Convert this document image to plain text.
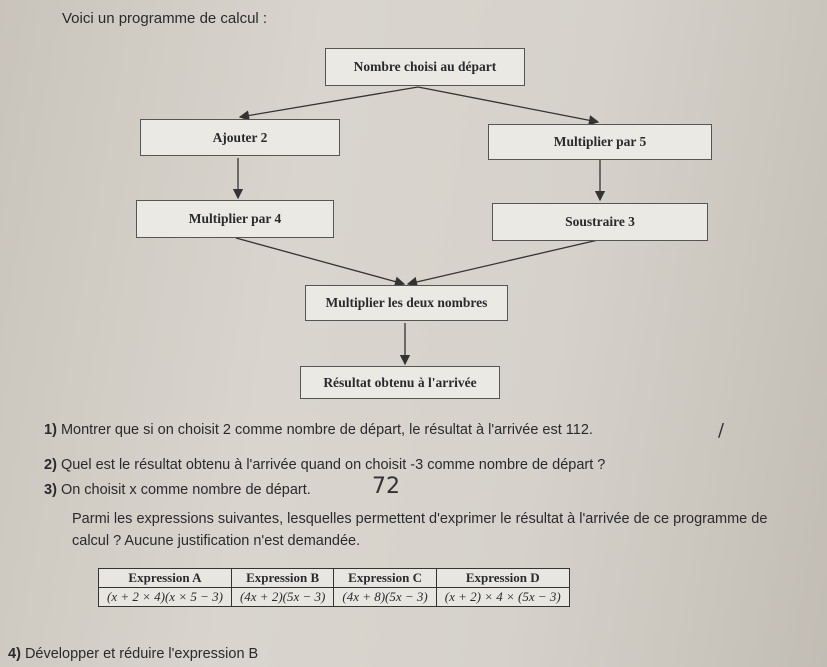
Voici un programme de calcul :
Nombre choisi au départ
Ajouter 2	Multiplier par 5
Multiplier par 4	Soustraire 3
Multiplier les deux nombres
Résultat obtenu à l'arrivée
1) Montrer que si on choisit 2 comme nombre de départ, le résultat à l'arrivée est 112.
2) Quel est le résultat obtenu à l'arrivée quand on choisit -3 comme nombre de départ ?
3) On choisit x comme nombre de départ.	72
/
Parmi les expressions suivantes, lesquelles permettent d'exprimer le résultat à l'arrivée de ce programme de calcul ? Aucune justification n'est demandée.
Expression A	Expression B	Expression C	Expression D
(x + 2 × 4)(x × 5 − 3)	(4x + 2)(5x − 3)	(4x + 8)(5x − 3)	(x + 2) × 4 × (5x − 3)
4) Développer et réduire l'expression B
